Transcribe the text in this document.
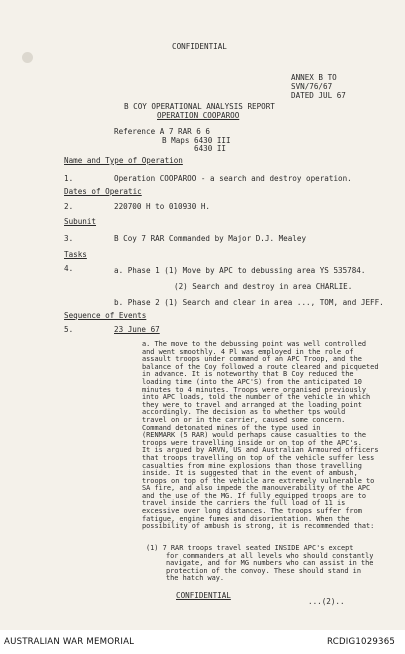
CONFIDENTIAL
ANNEX B TO
SVN/76/67
DATED JUL 67
B COY OPERATIONAL ANALYSIS REPORT
OPERATION COOPAROO
Reference A 7 RAR 6 6
B Maps 6430 III
6430 II
Name and Type of Operation
1.	Operation COOPAROO - a search and destroy operation.
Dates of Operatic
2.	220700 H to 010930 H.
Subunit
3.	B Coy 7 RAR Commanded by Major D.J. Mealey
Tasks
4.	a. Phase 1 (1) Move by APC to debussing area YS 535784.
(2) Search and destroy in area CHARLIE.
b. Phase 2 (1) Search and clear in area ..., TOM, and JEFF.
Sequence of Events
5.	23 June 67

a. The move to the debussing point was well controlled

and went smoothly. 4 Pl was employed in the role of

assault troops under command of an APC Troop, and the

balance of the Coy followed a route cleared and picqueted

in advance. It is noteworthy that B Coy reduced the

loading time (into the APC'S) from the anticipated 10

minutes to 4 minutes. Troops were organised previously

into APC loads, told the number of the vehicle in which

they were to travel and arranged at the loading point

accordingly. The decision as to whether tps would

travel on or in the carrier, caused some concern.

Command detonated mines of the type used in

(RENMARK (5 RAR) would perhaps cause casualties to the

troops were travelling inside or on top of the APC's.

It is argued by ARVN, US and Australian Armoured officers

that troops travelling on top of the vehicle suffer less

casualties from mine explosions than those travelling

inside. It is suggested that in the event of ambush,

troops on top of the vehicle are extremely vulnerable to

SA fire, and also impede the manouverability of the APC

and the use of the MG. If fully equipped troops are to

travel inside the carriers the full load of 11 is

excessive over long distances. The troops suffer from

fatigue, engine fumes and disorientation. When the

possibility of ambush is strong, it is recommended that:

(1) 7 RAR troops travel seated INSIDE APC's except

for commanders at all levels who should constantly

navigate, and for MG numbers who can assist in the

protection of the convoy. These should stand in

the hatch way.

CONFIDENTIAL
...(2)..
AUSTRALIAN WAR MEMORIAL	RCDIG1029365
